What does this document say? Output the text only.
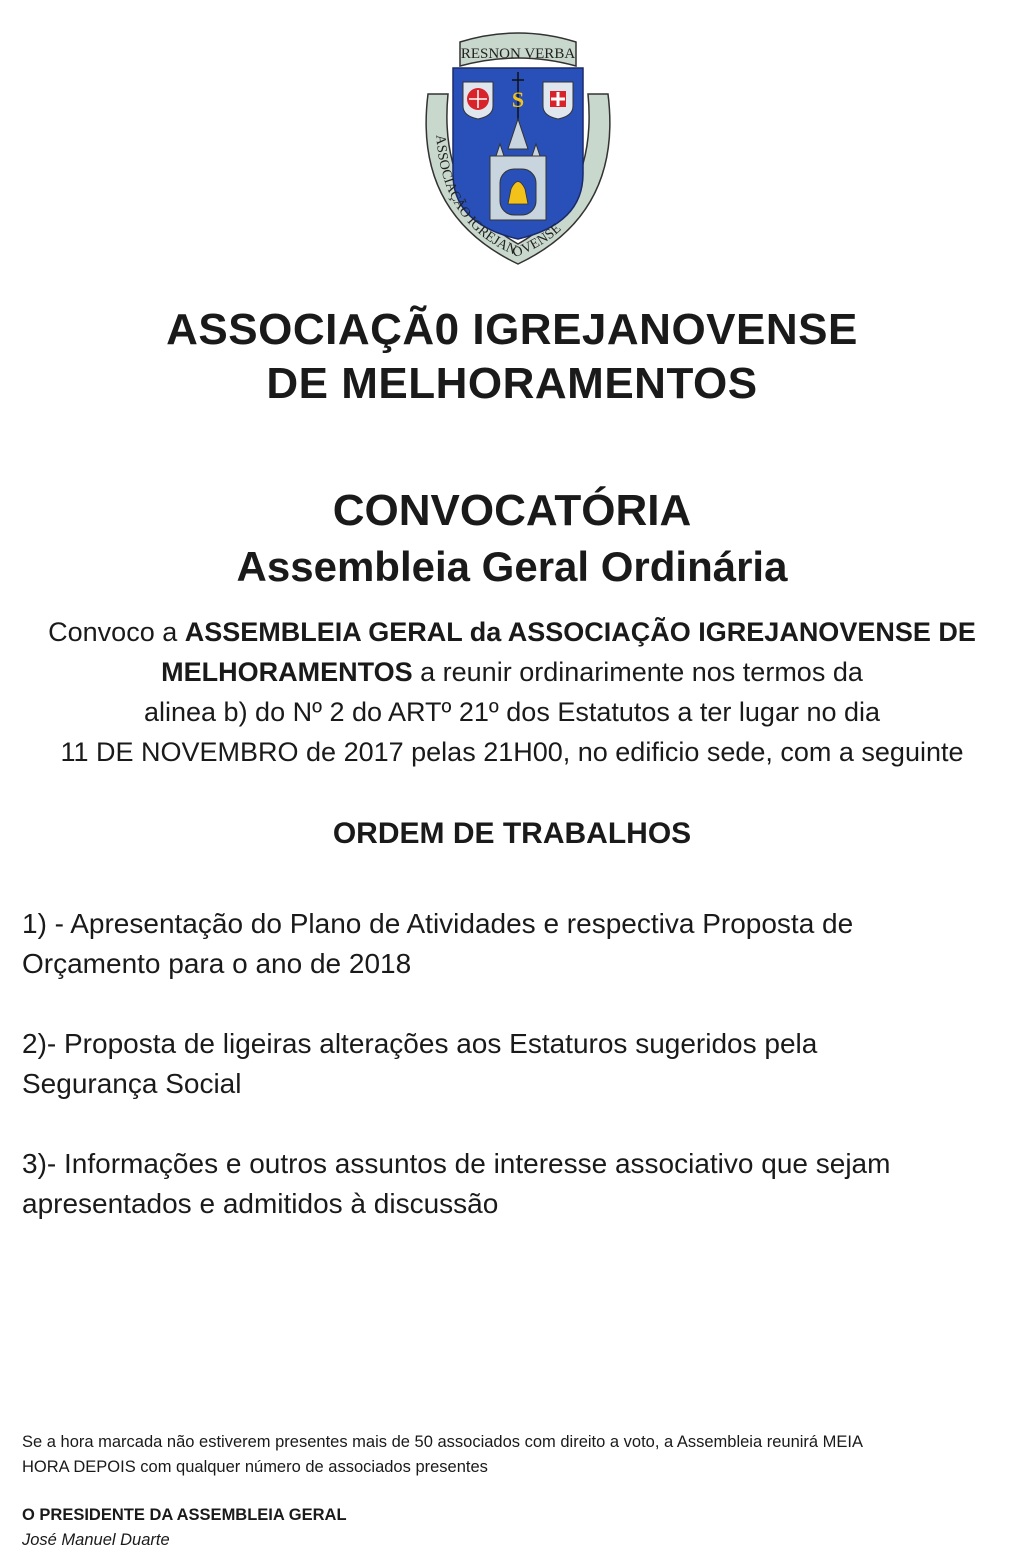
RESNON VERBA
S
ASSOCIAÇÃO IGREJANOVENSE
ASSOCIAÇÃ0 IGREJANOVENSE
DE MELHORAMENTOS
CONVOCATÓRIA
Assembleia Geral Ordinária
Convoco a ASSEMBLEIA GERAL da ASSOCIAÇÃO IGREJANOVENSE DE MELHORAMENTOS a reunir ordinarimente nos termos da
alinea b) do Nº 2 do ARTº 21º dos Estatutos a ter lugar no dia
11 DE NOVEMBRO de 2017 pelas 21H00, no edificio sede, com a seguinte
ORDEM DE TRABALHOS
1) - Apresentação do Plano de Atividades e respectiva Proposta de
Orçamento para o ano de 2018
2)- Proposta de ligeiras alterações aos Estaturos sugeridos pela
Segurança Social
3)- Informações e outros assuntos de interesse associativo que sejam
apresentados e admitidos à discussão
Se a hora marcada não estiverem presentes mais de 50 associados com direito a voto, a Assembleia reunirá MEIA
HORA DEPOIS com qualquer número de associados presentes
O PRESIDENTE DA ASSEMBLEIA GERAL
José Manuel Duarte
